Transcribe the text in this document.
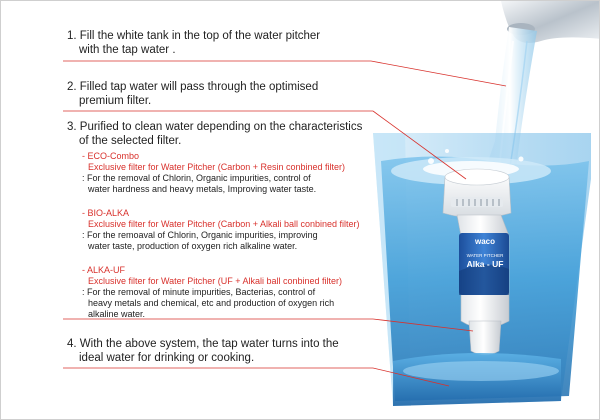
waco
WATER PITCHER
Alka - UF
1. Fill the white tank in the top of the water pitcher
with the tap water .
2. Filled tap water will pass through the optimised
premium filter.
3. Purified to clean water depending on the characteristics
of the selected filter.
- ECO-Combo
Exclusive filter for Water Pitcher (Carbon + Resin conbined filter)
: For the removal of Chlorin, Organic impurities, control of
water hardness and heavy metals, Improving water taste.
- BIO-ALKA
Exclusive filter for Water Pitcher (Carbon + Alkali ball conbined filter)
: For the remoaval of Chlorin, Organic impurities, improving
water taste, production of oxygen rich alkaline water.
- ALKA-UF
Exclusive filter for Water Pitcher (UF + Alkali ball conbined filter)
: For the removal of minute impurities, Bacterias, control of
heavy metals and chemical, etc and production of oxygen rich
alkaline water.
4. With the above system, the tap water turns into the
ideal water for drinking or cooking.
